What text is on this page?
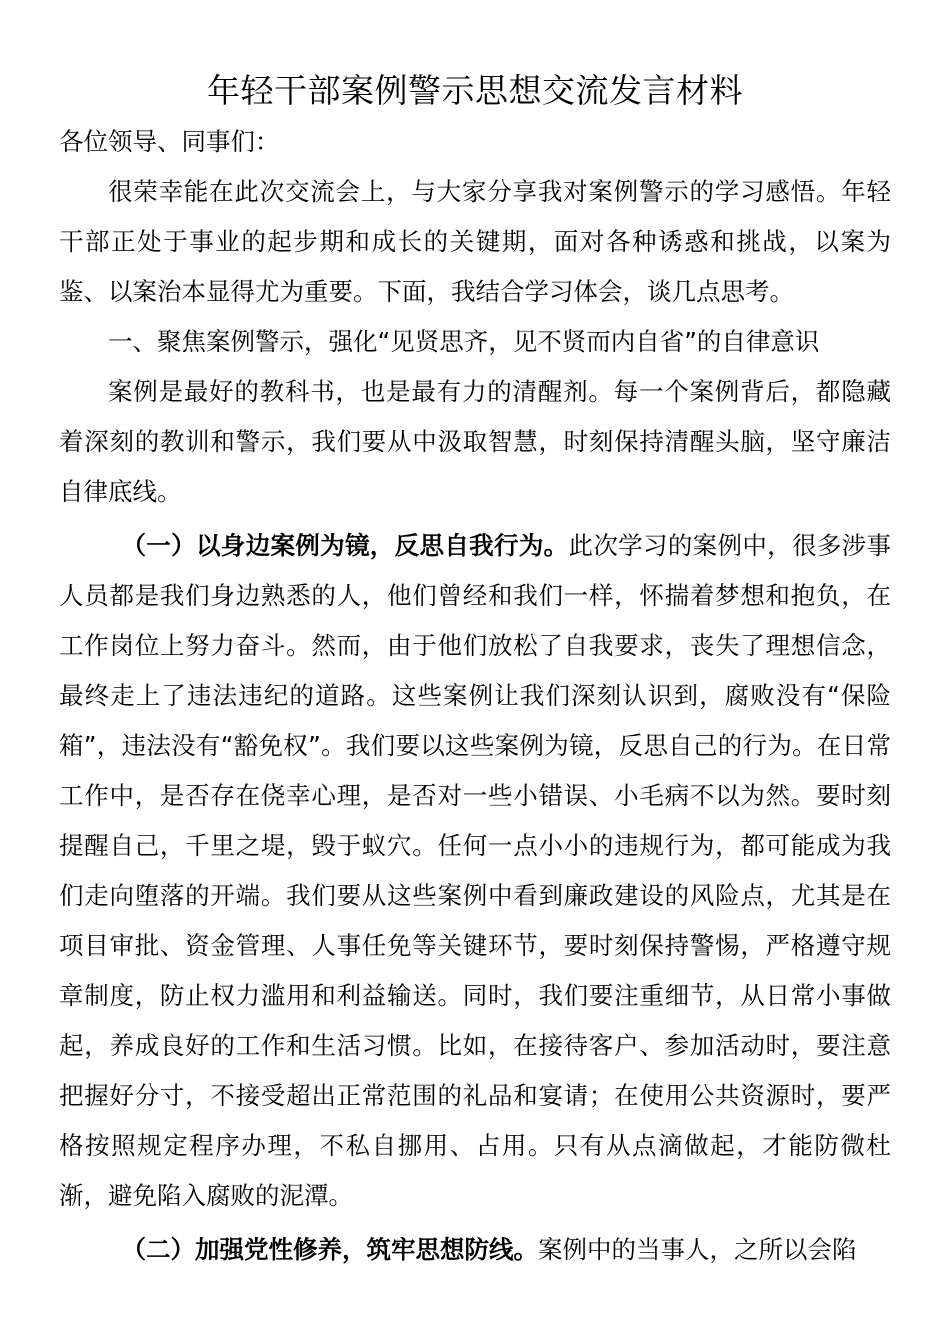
年轻干部案例警示思想交流发言材料

各位领导、同事们：

很荣幸能在此次交流会上，与大家分享我对案例警示的学习感悟。年轻干部正处于事业的起步期和成长的关键期，面对各种诱惑和挑战，以案为鉴、以案治本显得尤为重要。下面，我结合学习体会，谈几点思考。

一、聚焦案例警示，强化“见贤思齐，见不贤而内自省”的自律意识

案例是最好的教科书，也是最有力的清醒剂。每一个案例背后，都隐藏着深刻的教训和警示，我们要从中汲取智慧，时刻保持清醒头脑，坚守廉洁自律底线。

（一）以身边案例为镜，反思自我行为。此次学习的案例中，很多涉事人员都是我们身边熟悉的人，他们曾经和我们一样，怀揣着梦想和抱负，在工作岗位上努力奋斗。然而，由于他们放松了自我要求，丧失了理想信念，最终走上了违法违纪的道路。这些案例让我们深刻认识到，腐败没有“保险箱”，违法没有“豁免权”。我们要以这些案例为镜，反思自己的行为。在日常工作中，是否存在侥幸心理，是否对一些小错误、小毛病不以为然。要时刻提醒自己，千里之堤，毁于蚁穴。任何一点小小的违规行为，都可能成为我们走向堕落的开端。我们要从这些案例中看到廉政建设的风险点，尤其是在项目审批、资金管理、人事任免等关键环节，要时刻保持警惕，严格遵守规章制度，防止权力滥用和利益输送。同时，我们要注重细节，从日常小事做起，养成良好的工作和生活习惯。比如，在接待客户、参加活动时，要注意把握好分寸，不接受超出正常范围的礼品和宴请；在使用公共资源时，要严格按照规定程序办理，不私自挪用、占用。只有从点滴做起，才能防微杜渐，避免陷入腐败的泥潭。

（二）加强党性修养，筑牢思想防线。案例中的当事人，之所以会陷
